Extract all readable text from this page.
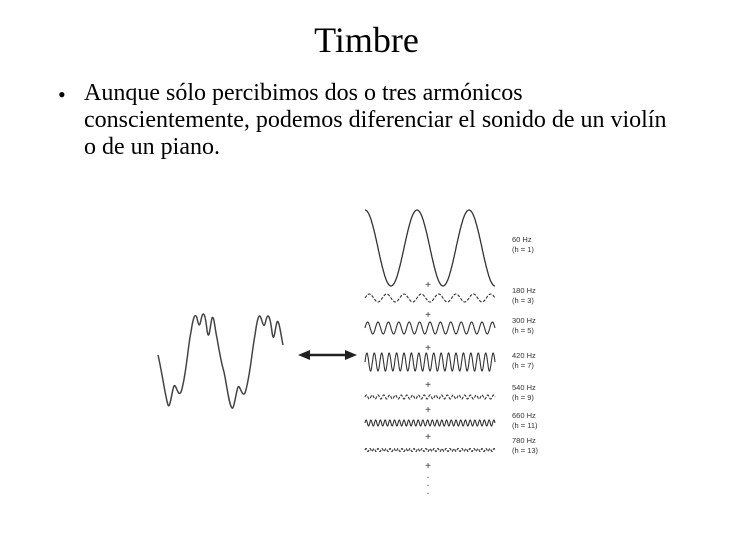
Timbre
• Aunque sólo percibimos dos o tres armónicos conscientemente, podemos diferenciar el sonido de un violín o de un piano.
60 Hz
(h = 1)
180 Hz
(h = 3)
300 Hz
(h = 5)
420 Hz
(h = 7)
540 Hz
(h = 9)
660 Hz
(h = 11)
780 Hz
(h = 13)
+
+
+
+
+
+
+
.
.
.
